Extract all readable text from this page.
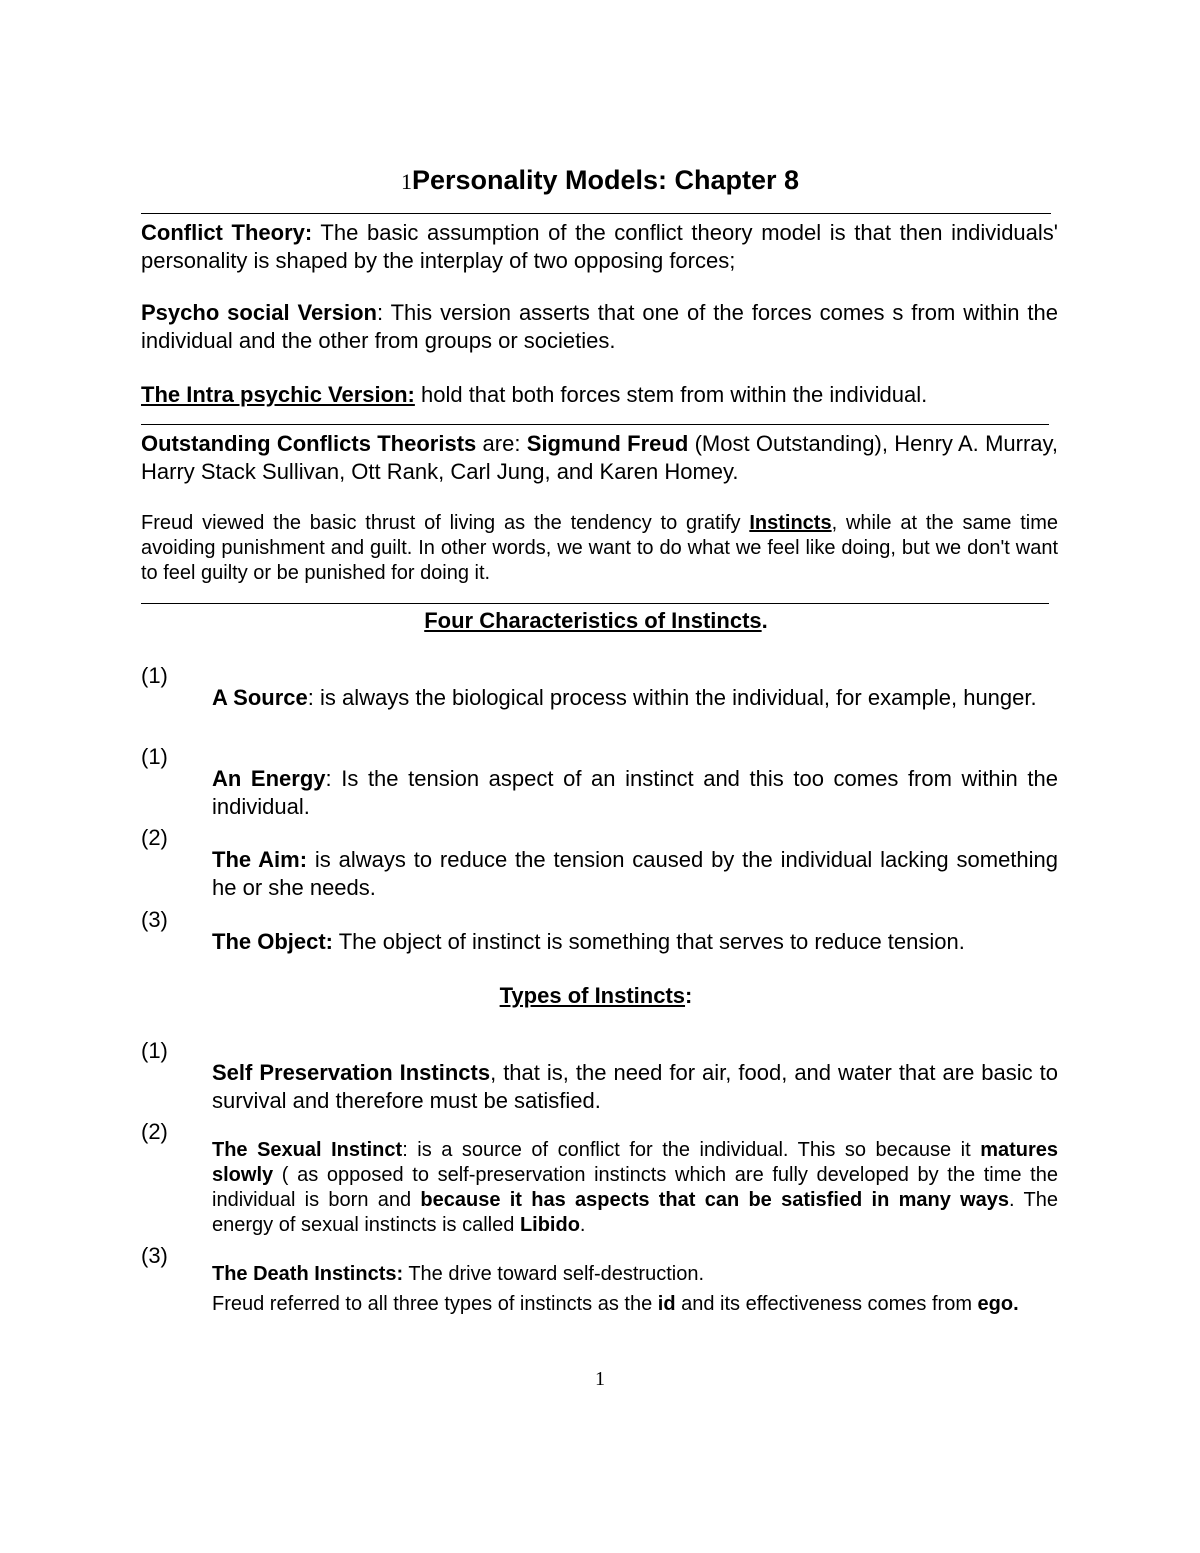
1Personality Models: Chapter 8

Conflict Theory: The basic assumption of the conflict theory model is that then individuals' personality is shaped by the interplay of two opposing forces;

Psycho social Version: This version asserts that one of the forces comes s from within the individual and the other from groups or societies.

The Intra psychic Version: hold that both forces stem from within the individual.

Outstanding Conflicts Theorists are: Sigmund Freud (Most Outstanding), Henry A. Murray, Harry Stack Sullivan, Ott Rank, Carl Jung, and Karen Homey.

Freud viewed the basic thrust of living as the tendency to gratify Instincts, while at the same time avoiding punishment and guilt. In other words, we want to do what we feel like doing, but we don't want to feel guilty or be punished for doing it.

Four Characteristics of Instincts.
(1)

A Source: is always the biological process within the individual, for example, hunger.

(1)

An Energy: Is the tension aspect of an instinct and this too comes from within the individual.

(2)

The Aim: is always to reduce the tension caused by the individual lacking something he or she needs.

(3)

The Object: The object of instinct is something that serves to reduce tension.

Types of Instincts:
(1)

Self Preservation Instincts, that is, the need for air, food, and water that are basic to survival and therefore must be satisfied.

(2)

The Sexual Instinct: is a source of conflict for the individual. This so because it matures slowly ( as opposed to self-preservation instincts which are fully developed by the time the individual is born and because it has aspects that can be satisfied in many ways. The energy of sexual instincts is called Libido.

(3)

The Death Instincts: The drive toward self-destruction.

Freud referred to all three types of instincts as the id and its effectiveness comes from ego.

1
